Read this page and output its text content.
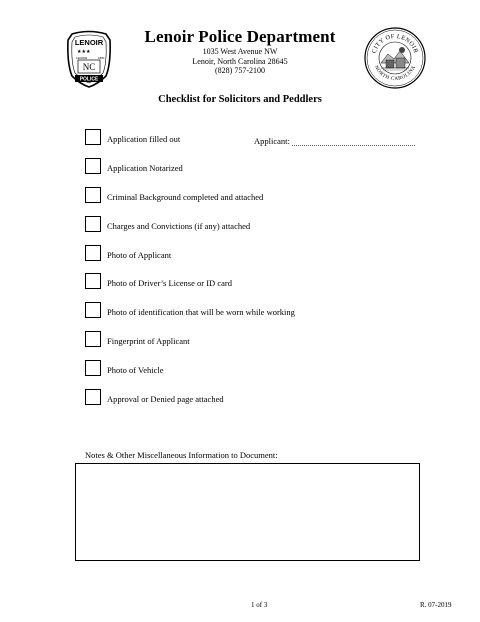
LENOIR
★★★
LENOIR	1851
NC
POLICE
Lenoir Police Department
1035 West Avenue NW
Lenoir, North Carolina 28645
(828) 757-2100
CITY OF LENOIR
NORTH CAROLINA
Checklist for Solicitors and Peddlers
Applicant:
Application filled out
Application Notarized
Criminal Background completed and attached
Charges and Convictions (if any) attached
Photo of Applicant
Photo of Driver’s License or ID card
Photo of identification that will be worn while working
Fingerprint of Applicant
Photo of Vehicle
Approval or Denied page attached
Notes & Other Miscellaneous Information to Document:
1 of 3	R. 07-2019
